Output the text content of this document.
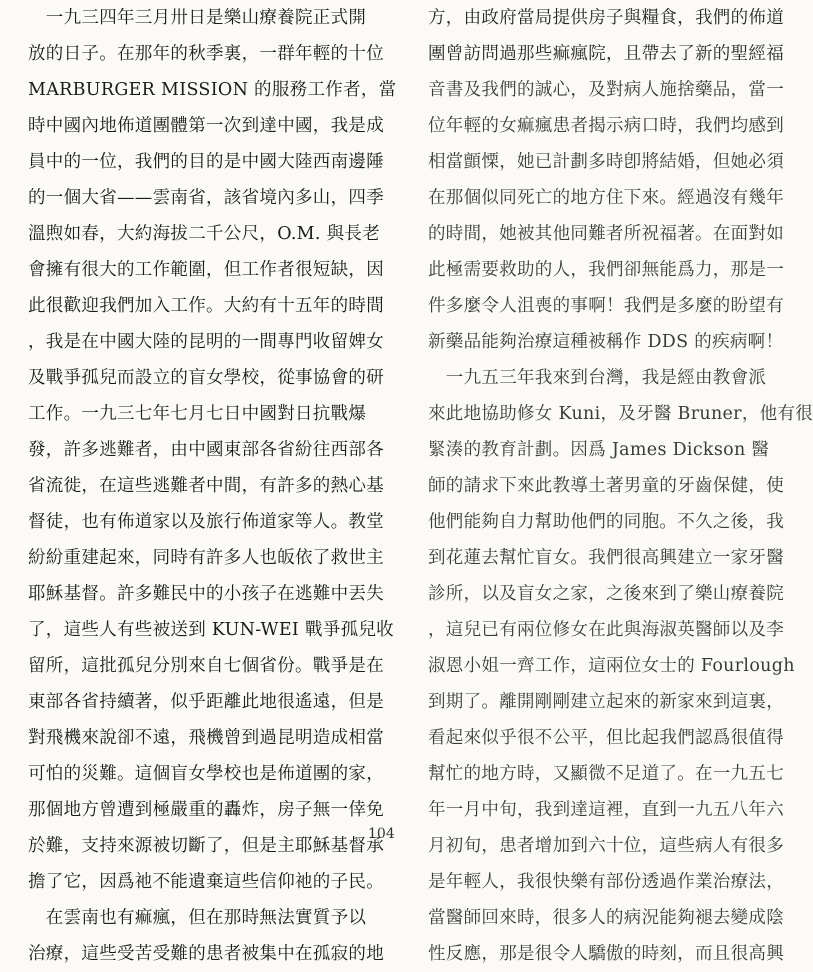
　一九三四年三月卅日是樂山療養院正式開
放的日子。在那年的秋季裏，一群年輕的十位
MARBURGER MISSION 的服務工作者，當
時中國內地佈道團體第一次到達中國，我是成
員中的一位，我們的目的是中國大陸西南邊陲
的一個大省——雲南省，該省境內多山，四季
溫煦如春，大約海拔二千公尺，O.M. 與長老
會擁有很大的工作範圍，但工作者很短缺，因
此很歡迎我們加入工作。大約有十五年的時間
，我是在中國大陸的昆明的一間專門收留婢女
及戰爭孤兒而設立的盲女學校，從事協會的研
工作。一九三七年七月七日中國對日抗戰爆
發，許多逃難者，由中國東部各省紛往西部各
省流徙，在這些逃難者中間，有許多的熱心基
督徒，也有佈道家以及旅行佈道家等人。教堂
紛紛重建起來，同時有許多人也皈依了救世主
耶穌基督。許多難民中的小孩子在逃難中丟失
了，這些人有些被送到 KUN-WEI 戰爭孤兒收
留所，這批孤兒分別來自七個省份。戰爭是在
東部各省持續著，似乎距離此地很遙遠，但是
對飛機來說卻不遠，飛機曾到過昆明造成相當
可怕的災難。這個盲女學校也是佈道團的家，
那個地方曾遭到極嚴重的轟炸，房子無一倖免
於難，支持來源被切斷了，但是主耶穌基督承
擔了它，因爲祂不能遺棄這些信仰祂的子民。
　在雲南也有痲瘋，但在那時無法實質予以
治療，這些受苦受難的患者被集中在孤寂的地
方，由政府當局提供房子與糧食，我們的佈道
團曾訪問過那些痲瘋院，且帶去了新的聖經福
音書及我們的誠心，及對病人施捨藥品，當一
位年輕的女痲瘋患者揭示病口時，我們均感到
相當顫慄，她已計劃多時卽將結婚，但她必須
在那個似同死亡的地方住下來。經過沒有幾年
的時間，她被其他同難者所祝福著。在面對如
此極需要救助的人，我們卻無能爲力，那是一
件多麼令人沮喪的事啊！我們是多麼的盼望有
新藥品能夠治療這種被稱作 DDS 的疾病啊！
　一九五三年我來到台灣，我是經由教會派
來此地協助修女 Kuni，及牙醫 Bruner，他有很
緊湊的教育計劃。因爲 James Dickson 醫
師的請求下來此教導土著男童的牙齒保健，使
他們能夠自力幫助他們的同胞。不久之後，我
到花蓮去幫忙盲女。我們很高興建立一家牙醫
診所，以及盲女之家，之後來到了樂山療養院
，這兒已有兩位修女在此與海淑英醫師以及李
淑恩小姐一齊工作，這兩位女士的 Fourlough
到期了。離開剛剛建立起來的新家來到這裏，
看起來似乎很不公平，但比起我們認爲很值得
幫忙的地方時，又顯微不足道了。在一九五七
年一月中旬，我到達這裡，直到一九五八年六
月初旬，患者增加到六十位，這些病人有很多
是年輕人，我很快樂有部份透過作業治療法，
當醫師回來時，很多人的病況能夠褪去變成陰
性反應，那是很令人驕傲的時刻，而且很高興
104
